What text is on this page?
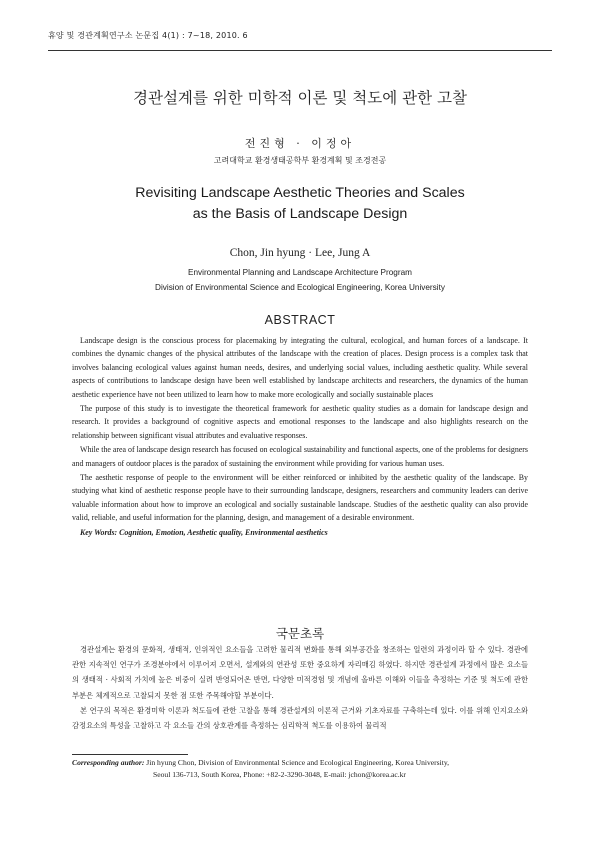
휴양 및 경관계획연구소 논문집 4(1) : 7~18, 2010. 6
경관설계를 위한 미학적 이론 및 척도에 관한 고찰
전진형 · 이정아
고려대학교 환경생태공학부 환경계획 및 조경전공
Revisiting Landscape Aesthetic Theories and Scales
as the Basis of Landscape Design
Chon, Jin hyung · Lee, Jung A
Environmental Planning and Landscape Architecture Program
Division of Environmental Science and Ecological Engineering, Korea University
ABSTRACT

Landscape design is the conscious process for placemaking by integrating the cultural, ecological, and human forces of a landscape. It combines the dynamic changes of the physical attributes of the landscape with the creation of places. Design process is a complex task that involves balancing ecological values against human needs, desires, and underlying social values, including aesthetic quality. While several aspects of contributions to landscape design have been well established by landscape architects and researchers, the dynamics of the human aesthetic experience have not been utilized to learn how to make more ecologically and socially sustainable places

The purpose of this study is to investigate the theoretical framework for aesthetic quality studies as a domain for landscape design and research. It provides a background of cognitive aspects and emotional responses to the landscape and also highlights research on the relationship between significant visual attributes and evaluative responses.

While the area of landscape design research has focused on ecological sustainability and functional aspects, one of the problems for designers and managers of outdoor places is the paradox of sustaining the environment while providing for various human uses.

The aesthetic response of people to the environment will be either reinforced or inhibited by the aesthetic quality of the landscape. By studying what kind of aesthetic response people have to their surrounding landscape, designers, researchers and community leaders can derive valuable information about how to improve an ecological and socially sustainable landscape. Studies of the aesthetic quality can also provide valid, reliable, and useful information for the planning, design, and management of a desirable environment.

Key Words: Cognition, Emotion, Aesthetic quality, Environmental aesthetics

국문초록

경관설계는 환경의 문화적, 생태적, 인위적인 요소들을 고려한 물리적 변화를 통해 외부공간을 창조하는 일련의 과정이라 할 수 있다. 경관에 관한 지속적인 연구가 조경분야에서 이루어져 오면서, 설계와의 연관성 또한 중요하게 자리매김 하였다. 하지만 경관설계 과정에서 많은 요소들의 생태적 · 사회적 가치에 높은 비중이 실려 반영되어온 반면, 다양한 미적경험 및 개념에 올바른 이해와 이들을 측정하는 기준 및 척도에 관한 부분은 체계적으로 고찰되지 못한 점 또한 주목해야할 부분이다.

본 연구의 목적은 환경미학 이론과 척도들에 관한 고찰을 통해 경관설계의 이론적 근거와 기초자료를 구축하는데 있다. 이를 위해 인지요소와 감정요소의 특성을 고찰하고 각 요소들 간의 상호관계를 측정하는 심리학적 척도를 이용하여 물리적

Corresponding author: Jin hyung Chon, Division of Environmental Science and Ecological Engineering, Korea University,
Seoul 136-713, South Korea, Phone: +82-2-3290-3048, E-mail: jchon@korea.ac.kr
